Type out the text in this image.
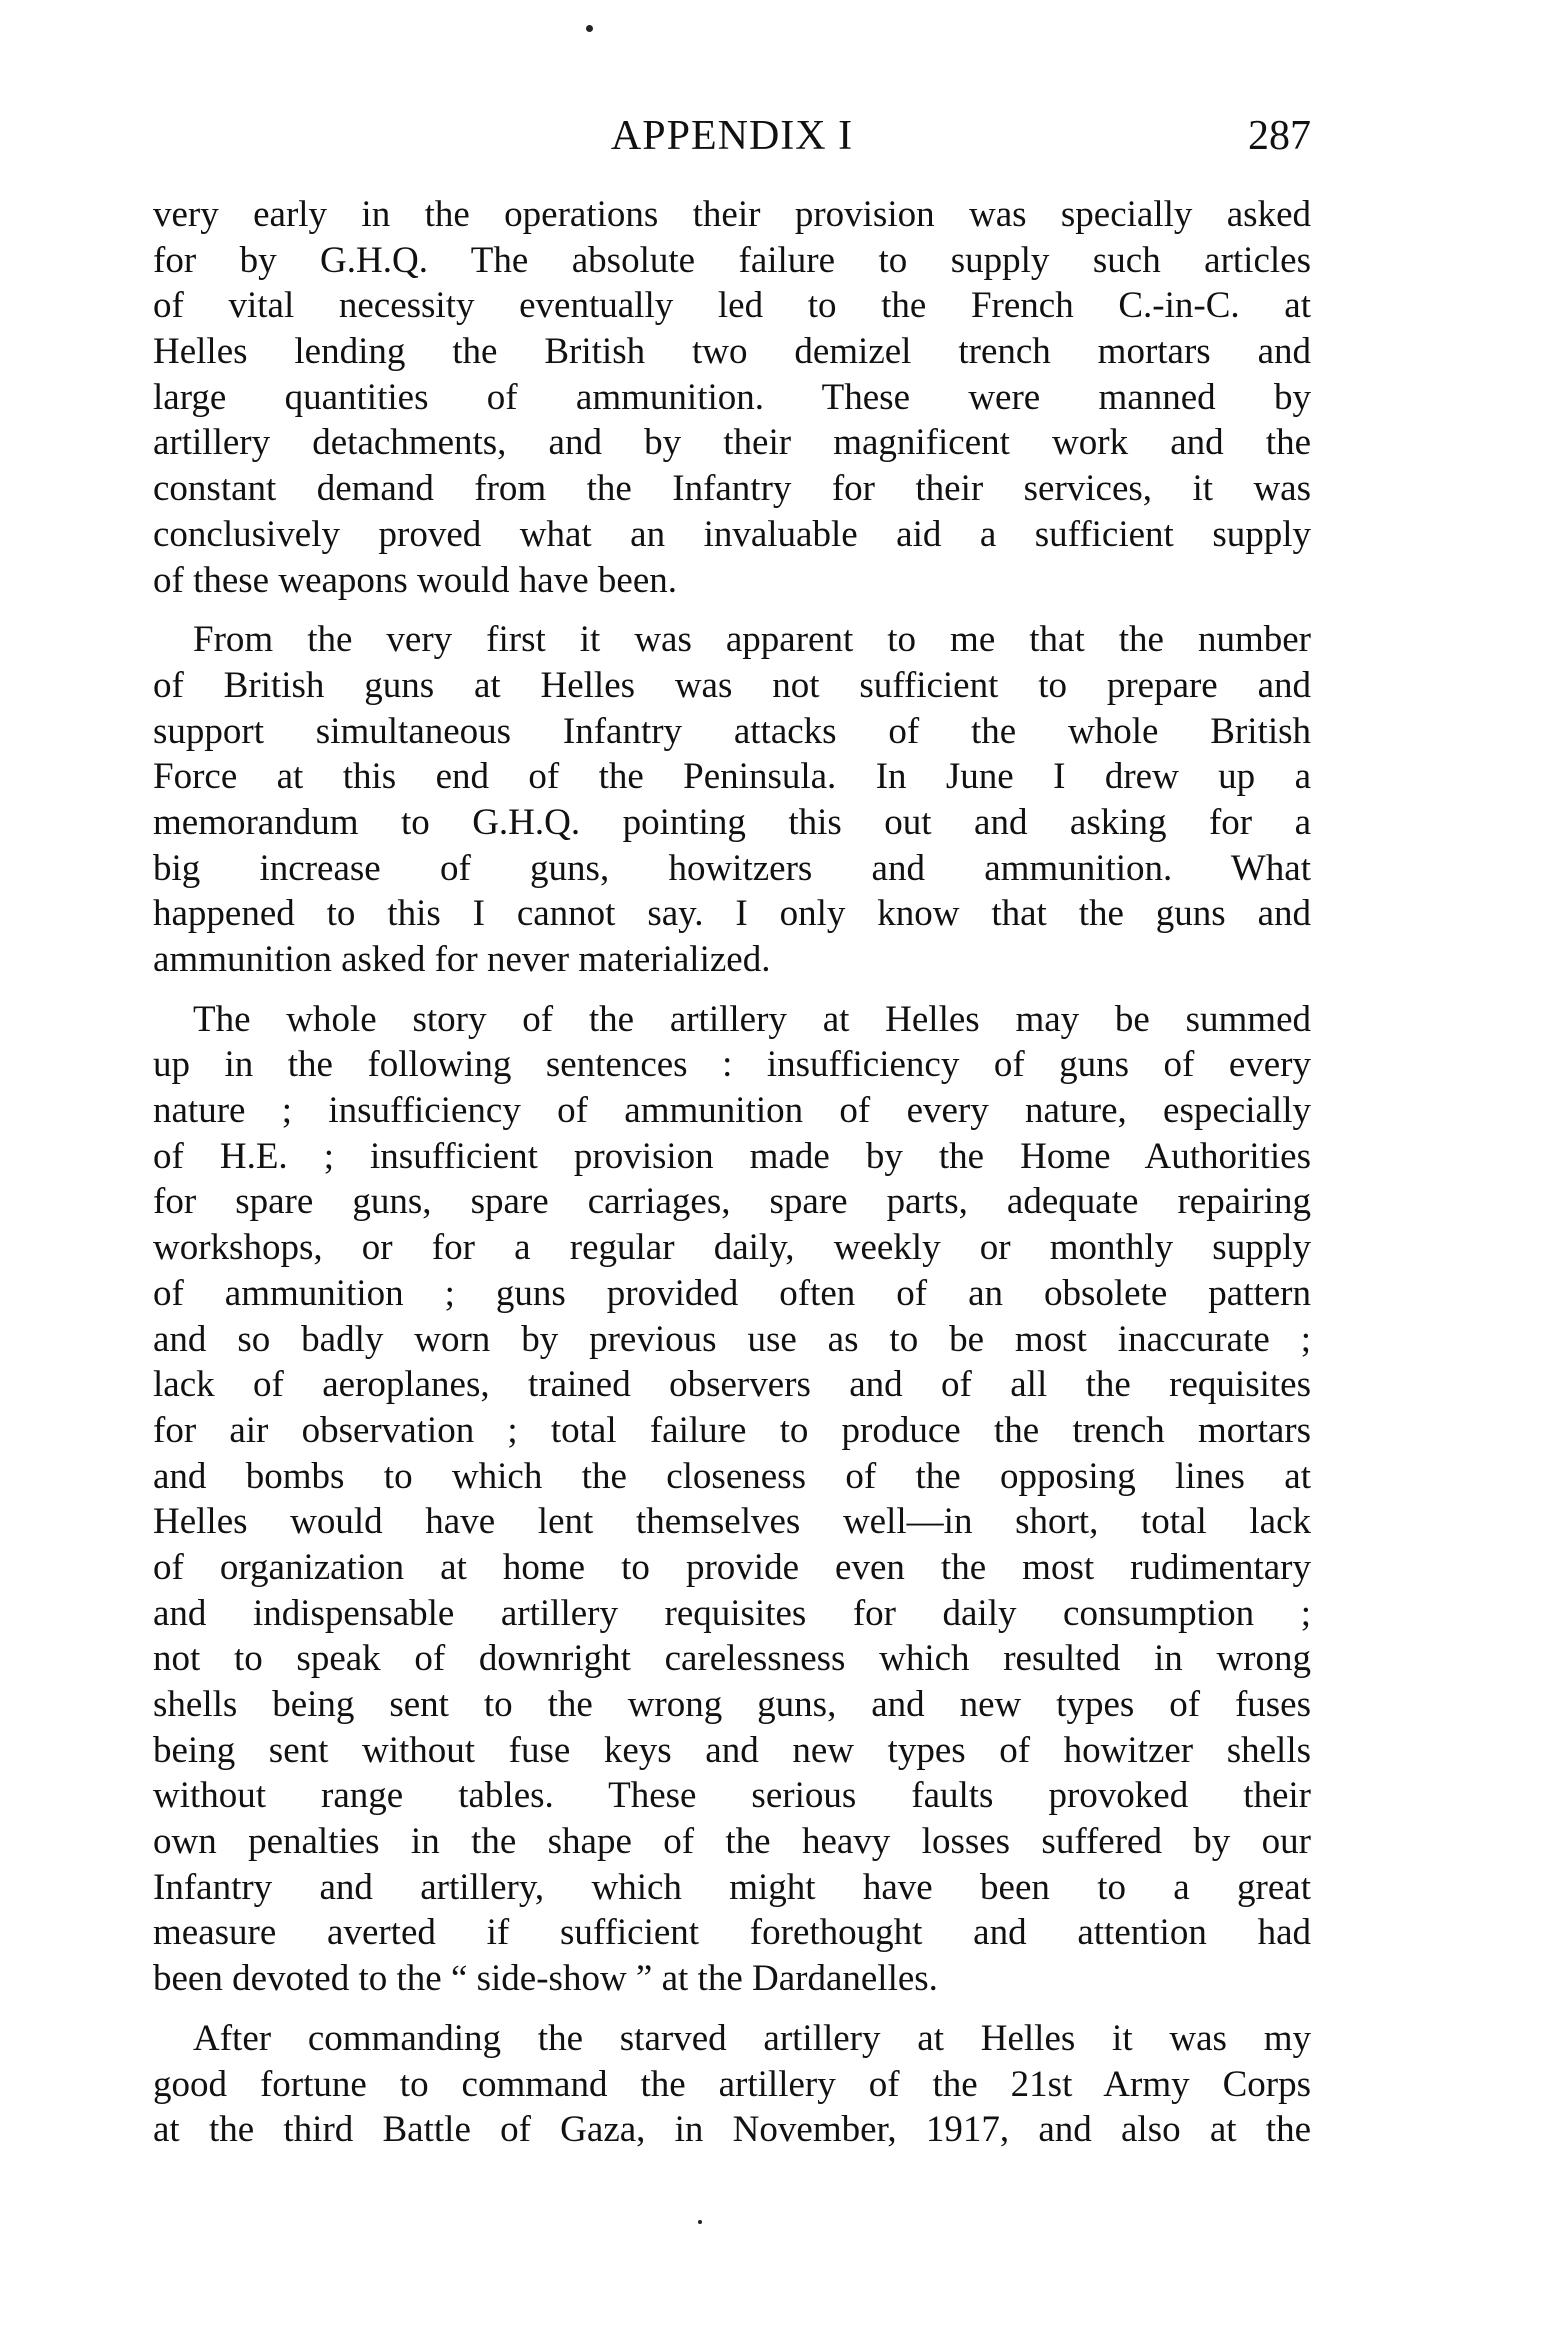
APPENDIX I	287
very early in the operations their provision was specially asked
for by G.H.Q. The absolute failure to supply such articles
of vital necessity eventually led to the French C.-in-C. at
Helles lending the British two demizel trench mortars and
large quantities of ammunition. These were manned by
artillery detachments, and by their magnificent work and the
constant demand from the Infantry for their services, it was
conclusively proved what an invaluable aid a sufficient supply
of these weapons would have been.
From the very first it was apparent to me that the number
of British guns at Helles was not sufficient to prepare and
support simultaneous Infantry attacks of the whole British
Force at this end of the Peninsula. In June I drew up a
memorandum to G.H.Q. pointing this out and asking for a
big increase of guns, howitzers and ammunition. What
happened to this I cannot say. I only know that the guns and
ammunition asked for never materialized.
The whole story of the artillery at Helles may be summed
up in the following sentences : insufficiency of guns of every
nature ; insufficiency of ammunition of every nature, especially
of H.E. ; insufficient provision made by the Home Authorities
for spare guns, spare carriages, spare parts, adequate repairing
workshops, or for a regular daily, weekly or monthly supply
of ammunition ; guns provided often of an obsolete pattern
and so badly worn by previous use as to be most inaccurate ;
lack of aeroplanes, trained observers and of all the requisites
for air observation ; total failure to produce the trench mortars
and bombs to which the closeness of the opposing lines at
Helles would have lent themselves well—in short, total lack
of organization at home to provide even the most rudimentary
and indispensable artillery requisites for daily consumption ;
not to speak of downright carelessness which resulted in wrong
shells being sent to the wrong guns, and new types of fuses
being sent without fuse keys and new types of howitzer shells
without range tables. These serious faults provoked their
own penalties in the shape of the heavy losses suffered by our
Infantry and artillery, which might have been to a great
measure averted if sufficient forethought and attention had
been devoted to the “ side-show ” at the Dardanelles.
After commanding the starved artillery at Helles it was my
good fortune to command the artillery of the 21st Army Corps
at the third Battle of Gaza, in November, 1917, and also at the
